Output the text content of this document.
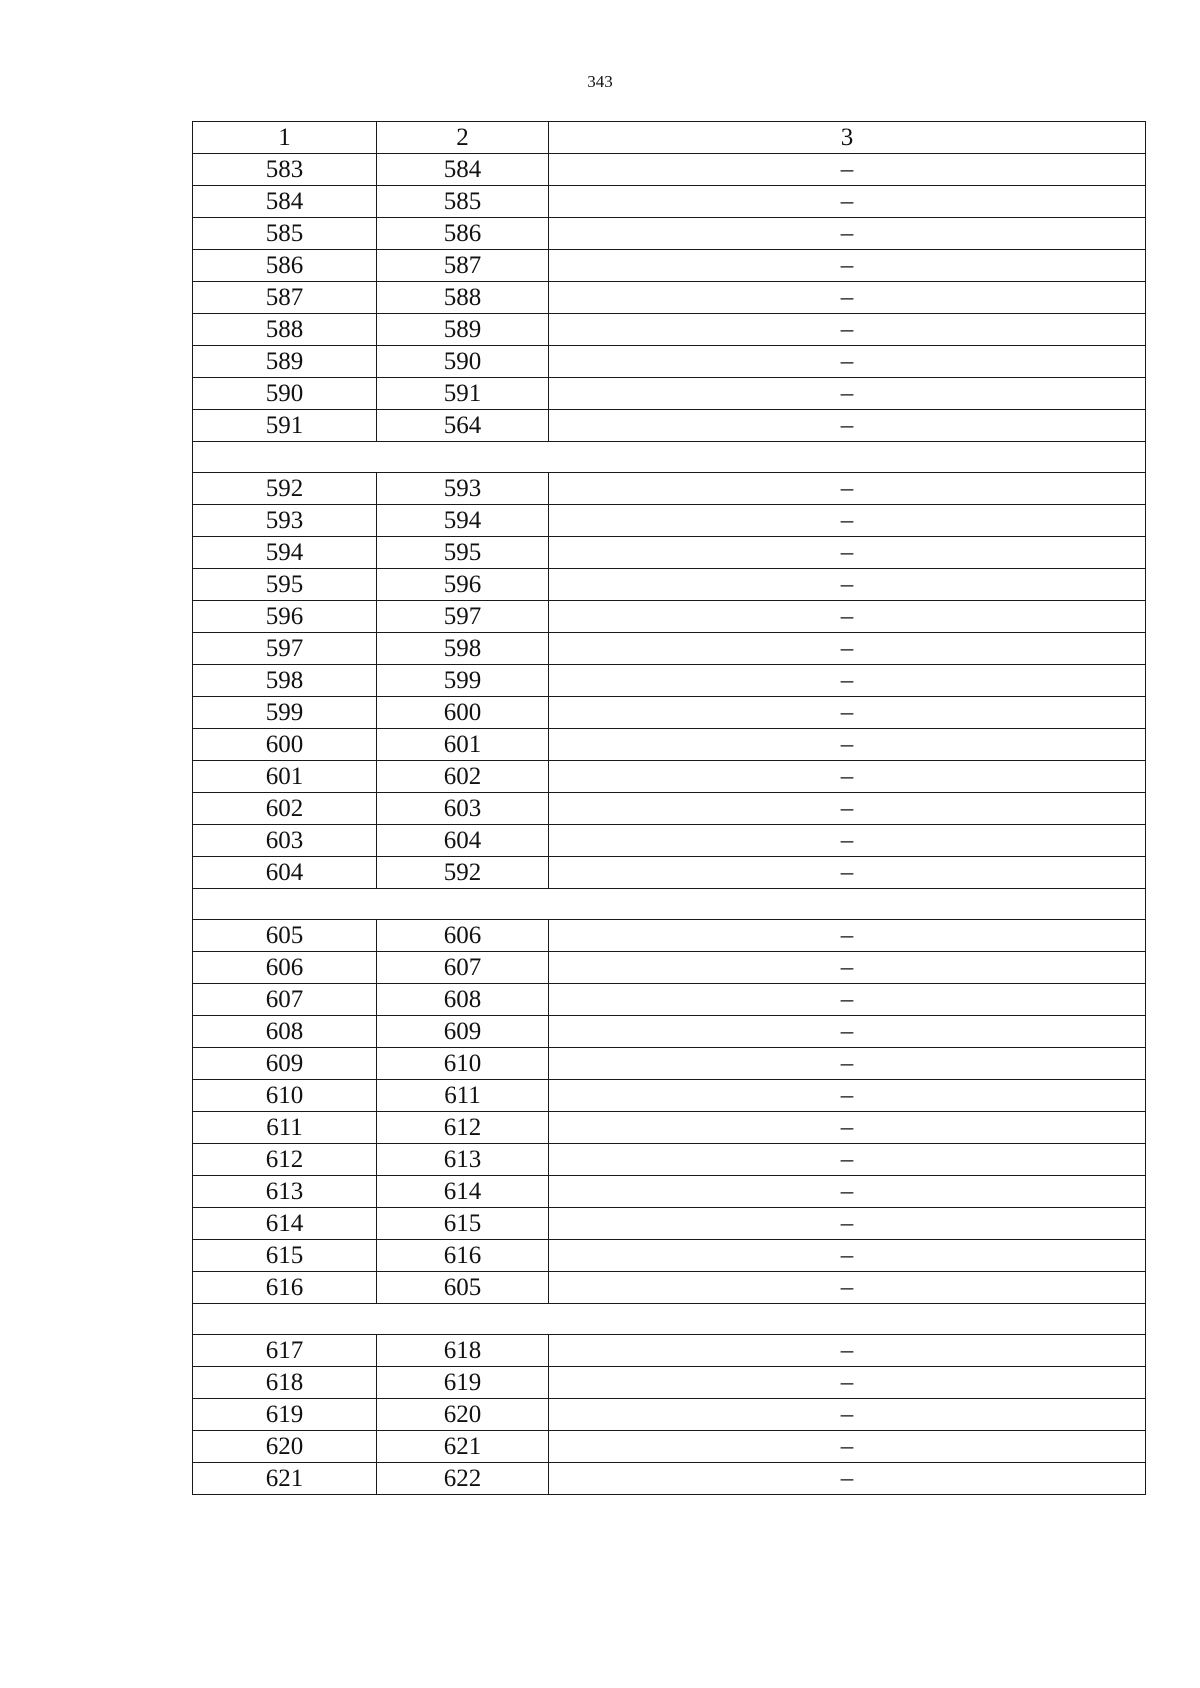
343
1	2	3
583	584	–
584	585	–
585	586	–
586	587	–
587	588	–
588	589	–
589	590	–
590	591	–
591	564	–

592	593	–
593	594	–
594	595	–
595	596	–
596	597	–
597	598	–
598	599	–
599	600	–
600	601	–
601	602	–
602	603	–
603	604	–
604	592	–

605	606	–
606	607	–
607	608	–
608	609	–
609	610	–
610	611	–
611	612	–
612	613	–
613	614	–
614	615	–
615	616	–
616	605	–

617	618	–
618	619	–
619	620	–
620	621	–
621	622	–
